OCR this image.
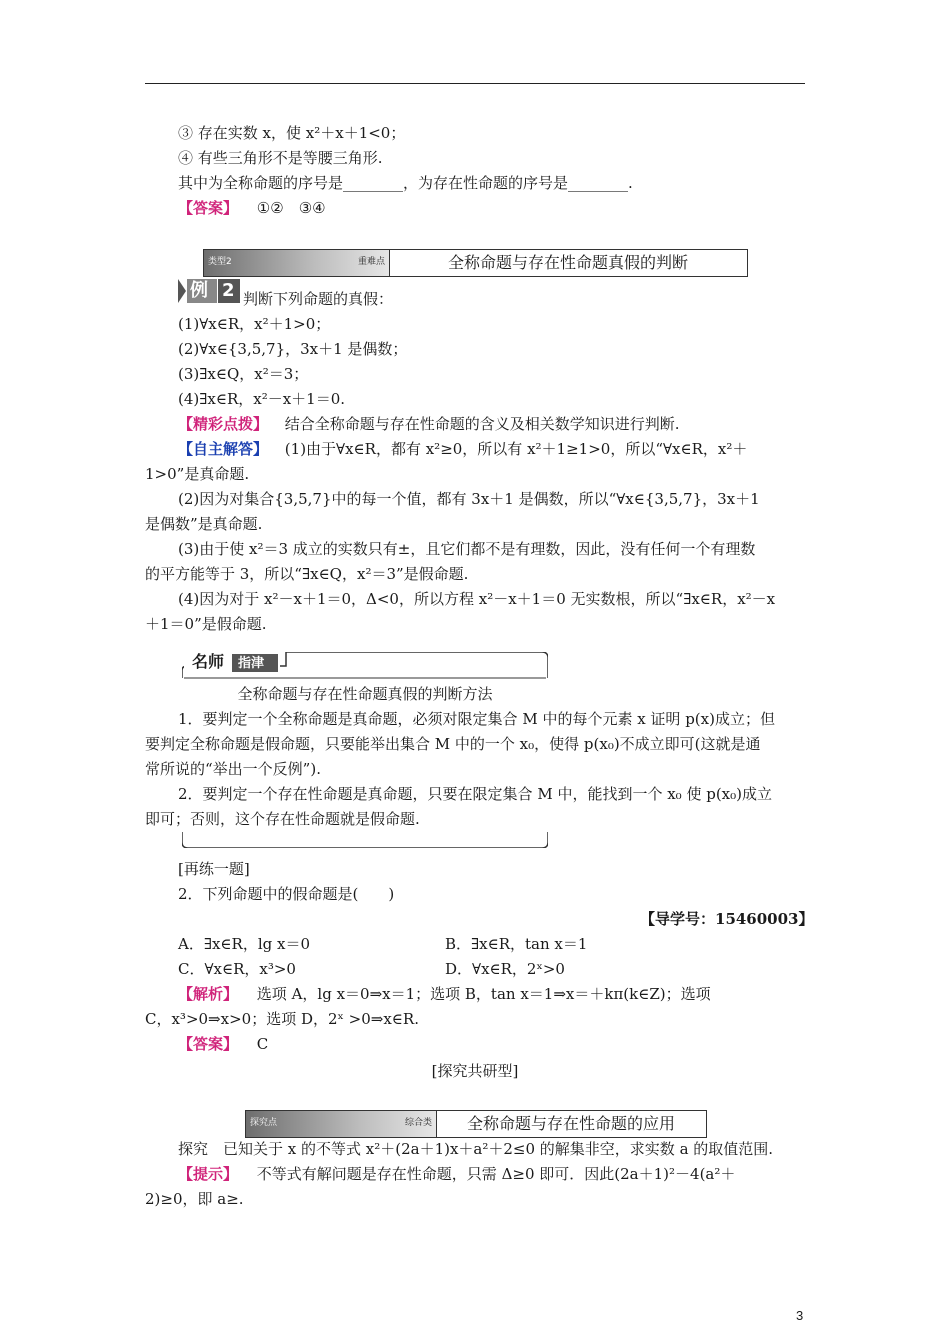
③ 存在实数 x，使 x²＋x＋1<0；
④ 有些三角形不是等腰三角形.
其中为全称命题的序号是________，为存在性命题的序号是________.
【答案】 ①②　③④
类型2	重难点	全称命题与存在性命题真假的判断
例 2 判断下列命题的真假：
(1)∀x∈R，x²＋1>0；
(2)∀x∈{3,5,7}，3x＋1 是偶数；
(3)∃x∈Q，x²＝3；
(4)∃x∈R，x²－x＋1＝0.
【精彩点拨】 结合全称命题与存在性命题的含义及相关数学知识进行判断.
【自主解答】 (1)由于∀x∈R，都有 x²≥0，所以有 x²＋1≥1>0，所以“∀x∈R，x²＋
1>0”是真命题.
(2)因为对集合{3,5,7}中的每一个值，都有 3x＋1 是偶数，所以“∀x∈{3,5,7}，3x＋1
是偶数”是真命题.
(3)由于使 x²＝3 成立的实数只有±，且它们都不是有理数，因此，没有任何一个有理数
的平方能等于 3，所以“∃x∈Q，x²＝3”是假命题.
(4)因为对于 x²－x＋1＝0，Δ<0，所以方程 x²－x＋1＝0 无实数根，所以“∃x∈R，x²－x
＋1＝0”是假命题.
名师 指津
全称命题与存在性命题真假的判断方法
1．要判定一个全称命题是真命题，必须对限定集合 M 中的每个元素 x 证明 p(x)成立；但
要判定全称命题是假命题，只要能举出集合 M 中的一个 x₀，使得 p(x₀)不成立即可(这就是通
常所说的“举出一个反例”).
2．要判定一个存在性命题是真命题，只要在限定集合 M 中，能找到一个 x₀ 使 p(x₀)成立
即可；否则，这个存在性命题就是假命题.
[再练一题]
2．下列命题中的假命题是(　　)
【导学号：15460003】
A．∃x∈R，lg x＝0	B．∃x∈R，tan x＝1
C．∀x∈R，x³>0	D．∀x∈R，2ˣ>0
【解析】 选项 A，lg x＝0⇒x＝1；选项 B，tan x＝1⇒x＝＋kπ(k∈Z)；选项
C，x³>0⇒x>0；选项 D，2ˣ >0⇒x∈R.
【答案】 C
[探究共研型]
探究点	综合类	全称命题与存在性命题的应用
探究　已知关于 x 的不等式 x²＋(2a＋1)x＋a²＋2≤0 的解集非空，求实数 a 的取值范围.
【提示】 不等式有解问题是存在性命题，只需 Δ≥0 即可．因此(2a＋1)²－4(a²＋
2)≥0，即 a≥.
3
